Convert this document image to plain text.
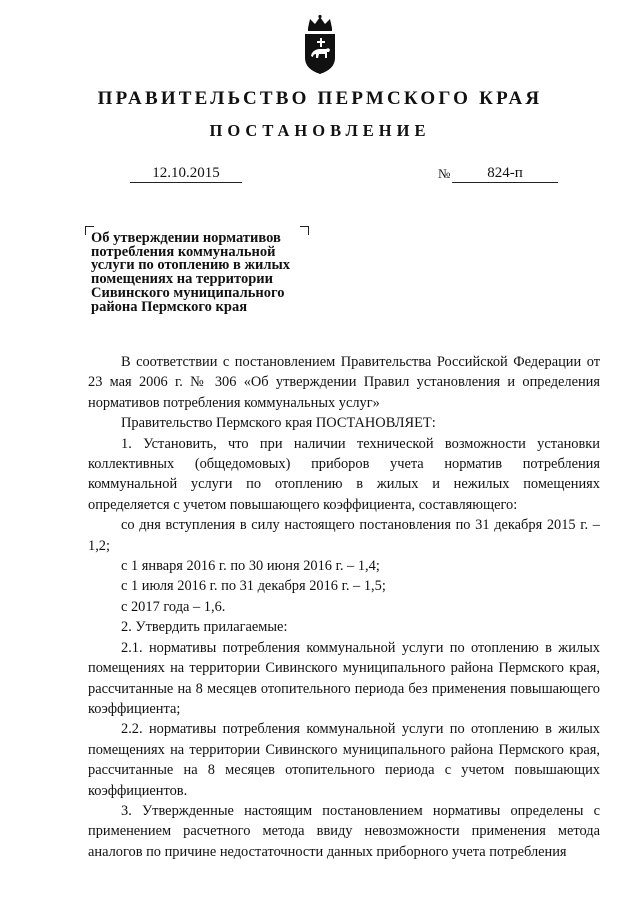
ПРАВИТЕЛЬСТВО ПЕРМСКОГО КРАЯ
ПОСТАНОВЛЕНИЕ
12.10.2015	№	824-п

Об утверждении нормативов потребления коммунальной услуги по отоплению в жилых помещениях на территории Сивинского муниципального района Пермского края

В соответствии с постановлением Правительства Российской Федерации от 23 мая 2006 г. № 306 «Об утверждении Правил установления и определения нормативов потребления коммунальных услуг»

Правительство Пермского края ПОСТАНОВЛЯЕТ:

1. Установить, что при наличии технической возможности установки коллективных (общедомовых) приборов учета норматив потребления коммунальной услуги по отоплению в жилых и нежилых помещениях определяется с учетом повышающего коэффициента, составляющего:

со дня вступления в силу настоящего постановления по 31 декабря 2015 г. – 1,2;

с 1 января 2016 г. по 30 июня 2016 г. – 1,4;

с 1 июля 2016 г. по 31 декабря 2016 г. – 1,5;

с 2017 года – 1,6.

2. Утвердить прилагаемые:

2.1. нормативы потребления коммунальной услуги по отоплению в жилых помещениях на территории Сивинского муниципального района Пермского края, рассчитанные на 8 месяцев отопительного периода без применения повышающего коэффициента;

2.2. нормативы потребления коммунальной услуги по отоплению в жилых помещениях на территории Сивинского муниципального района Пермского края, рассчитанные на 8 месяцев отопительного периода с учетом повышающих коэффициентов.

3. Утвержденные настоящим постановлением нормативы определены с применением расчетного метода ввиду невозможности применения метода аналогов по причине недостаточности данных приборного учета потребления
